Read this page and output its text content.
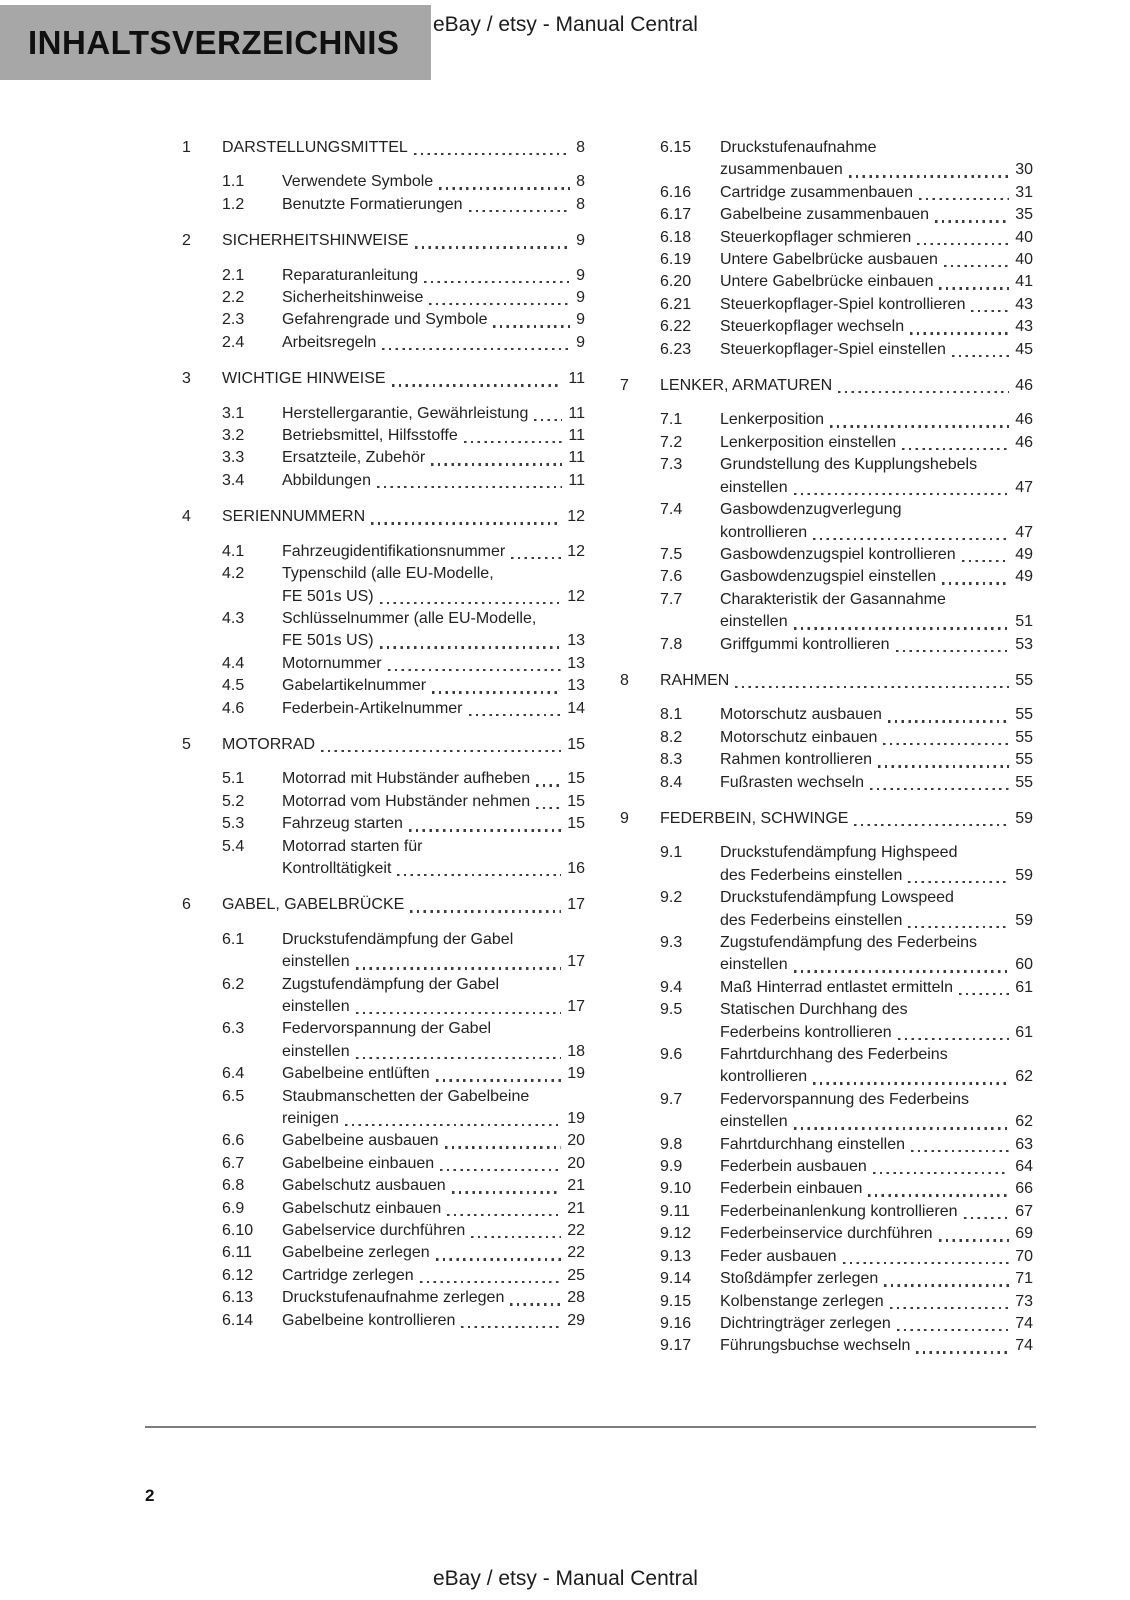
INHALTSVERZEICHNIS eBay / etsy - Manual Central
1	DARSTELLUNGSMITTEL	8
1.1	Verwendete Symbole	8
1.2	Benutzte Formatierungen	8
2	SICHERHEITSHINWEISE	9
2.1	Reparaturanleitung	9
2.2	Sicherheitshinweise	9
2.3	Gefahrengrade und Symbole	9
2.4	Arbeitsregeln	9
3	WICHTIGE HINWEISE	11
3.1	Herstellergarantie, Gewährleistung	11
3.2	Betriebsmittel, Hilfsstoffe	11
3.3	Ersatzteile, Zubehör	11
3.4	Abbildungen	11
4	SERIENNUMMERN	12
4.1	Fahrzeugidentifikationsnummer	12
4.2	Typenschild (alle EU-Modelle,
FE 501s US)	12
4.3	Schlüsselnummer (alle EU-Modelle,
FE 501s US)	13
4.4	Motornummer	13
4.5	Gabelartikelnummer	13
4.6	Federbein-Artikelnummer	14
5	MOTORRAD	15
5.1	Motorrad mit Hubständer aufheben 15
5.2	Motorrad vom Hubständer nehmen 15
5.3	Fahrzeug starten	15
5.4	Motorrad starten für
Kontrolltätigkeit	16
6	GABEL, GABELBRÜCKE	17
6.1	Druckstufendämpfung der Gabel
einstellen	17
6.2	Zugstufendämpfung der Gabel
einstellen	17
6.3	Federvorspannung der Gabel
einstellen	18
6.4	Gabelbeine entlüften	19
6.5	Staubmanschetten der Gabelbeine
reinigen	19
6.6	Gabelbeine ausbauen	20
6.7	Gabelbeine einbauen	20
6.8	Gabelschutz ausbauen	21
6.9	Gabelschutz einbauen	21
6.10	Gabelservice durchführen	22
6.11	Gabelbeine zerlegen	22
6.12	Cartridge zerlegen	25
6.13	Druckstufenaufnahme zerlegen	28
6.14	Gabelbeine kontrollieren	29
6.15	Druckstufenaufnahme
zusammenbauen	30
6.16	Cartridge zusammenbauen	31
6.17	Gabelbeine zusammenbauen	35
6.18	Steuerkopflager schmieren	40
6.19	Untere Gabelbrücke ausbauen	40
6.20	Untere Gabelbrücke einbauen	41
6.21	Steuerkopflager-Spiel kontrollieren	43
6.22	Steuerkopflager wechseln	43
6.23	Steuerkopflager-Spiel einstellen	45
7	LENKER, ARMATUREN	46
7.1	Lenkerposition	46
7.2	Lenkerposition einstellen	46
7.3	Grundstellung des Kupplungshebels
einstellen	47
7.4	Gasbowdenzugverlegung
kontrollieren	47
7.5	Gasbowdenzugspiel kontrollieren	49
7.6	Gasbowdenzugspiel einstellen	49
7.7	Charakteristik der Gasannahme
einstellen	51
7.8	Griffgummi kontrollieren	53
8	RAHMEN	55
8.1	Motorschutz ausbauen	55
8.2	Motorschutz einbauen	55
8.3	Rahmen kontrollieren	55
8.4	Fußrasten wechseln	55
9	FEDERBEIN, SCHWINGE	59
9.1	Druckstufendämpfung Highspeed
des Federbeins einstellen	59
9.2	Druckstufendämpfung Lowspeed
des Federbeins einstellen	59
9.3	Zugstufendämpfung des Federbeins
einstellen	60
9.4	Maß Hinterrad entlastet ermitteln	61
9.5	Statischen Durchhang des
Federbeins kontrollieren	61
9.6	Fahrtdurchhang des Federbeins
kontrollieren	62
9.7	Federvorspannung des Federbeins
einstellen	62
9.8	Fahrtdurchhang einstellen	63
9.9	Federbein ausbauen	64
9.10	Federbein einbauen	66
9.11	Federbeinanlenkung kontrollieren	67
9.12	Federbeinservice durchführen	69
9.13	Feder ausbauen	70
9.14	Stoßdämpfer zerlegen	71
9.15	Kolbenstange zerlegen	73
9.16	Dichtringträger zerlegen	74
9.17	Führungsbuchse wechseln	74
2
eBay / etsy - Manual Central
